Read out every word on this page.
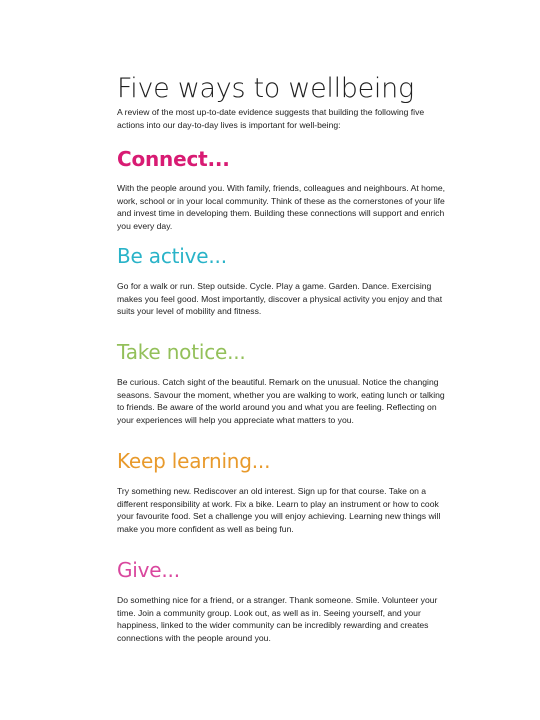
Five ways to wellbeing

A review of the most up-to-date evidence suggests that building the following five actions into our day-to-day lives is important for well-being:

Connect...

With the people around you. With family, friends, colleagues and neighbours. At home, work, school or in your local community. Think of these as the cornerstones of your life and invest time in developing them. Building these connections will support and enrich you every day.

Be active...

Go for a walk or run. Step outside. Cycle. Play a game. Garden. Dance. Exercising makes you feel good. Most importantly, discover a physical activity you enjoy and that suits your level of mobility and fitness.

Take notice...

Be curious. Catch sight of the beautiful. Remark on the unusual. Notice the changing seasons. Savour the moment, whether you are walking to work, eating lunch or talking to friends. Be aware of the world around you and what you are feeling. Reflecting on your experiences will help you appreciate what matters to you.

Keep learning...

Try something new. Rediscover an old interest. Sign up for that course. Take on a different responsibility at work. Fix a bike. Learn to play an instrument or how to cook your favourite food. Set a challenge you will enjoy achieving. Learning new things will make you more confident as well as being fun.

Give...

Do something nice for a friend, or a stranger. Thank someone. Smile. Volunteer your time. Join a community group. Look out, as well as in. Seeing yourself, and your happiness, linked to the wider community can be incredibly rewarding and creates connections with the people around you.
